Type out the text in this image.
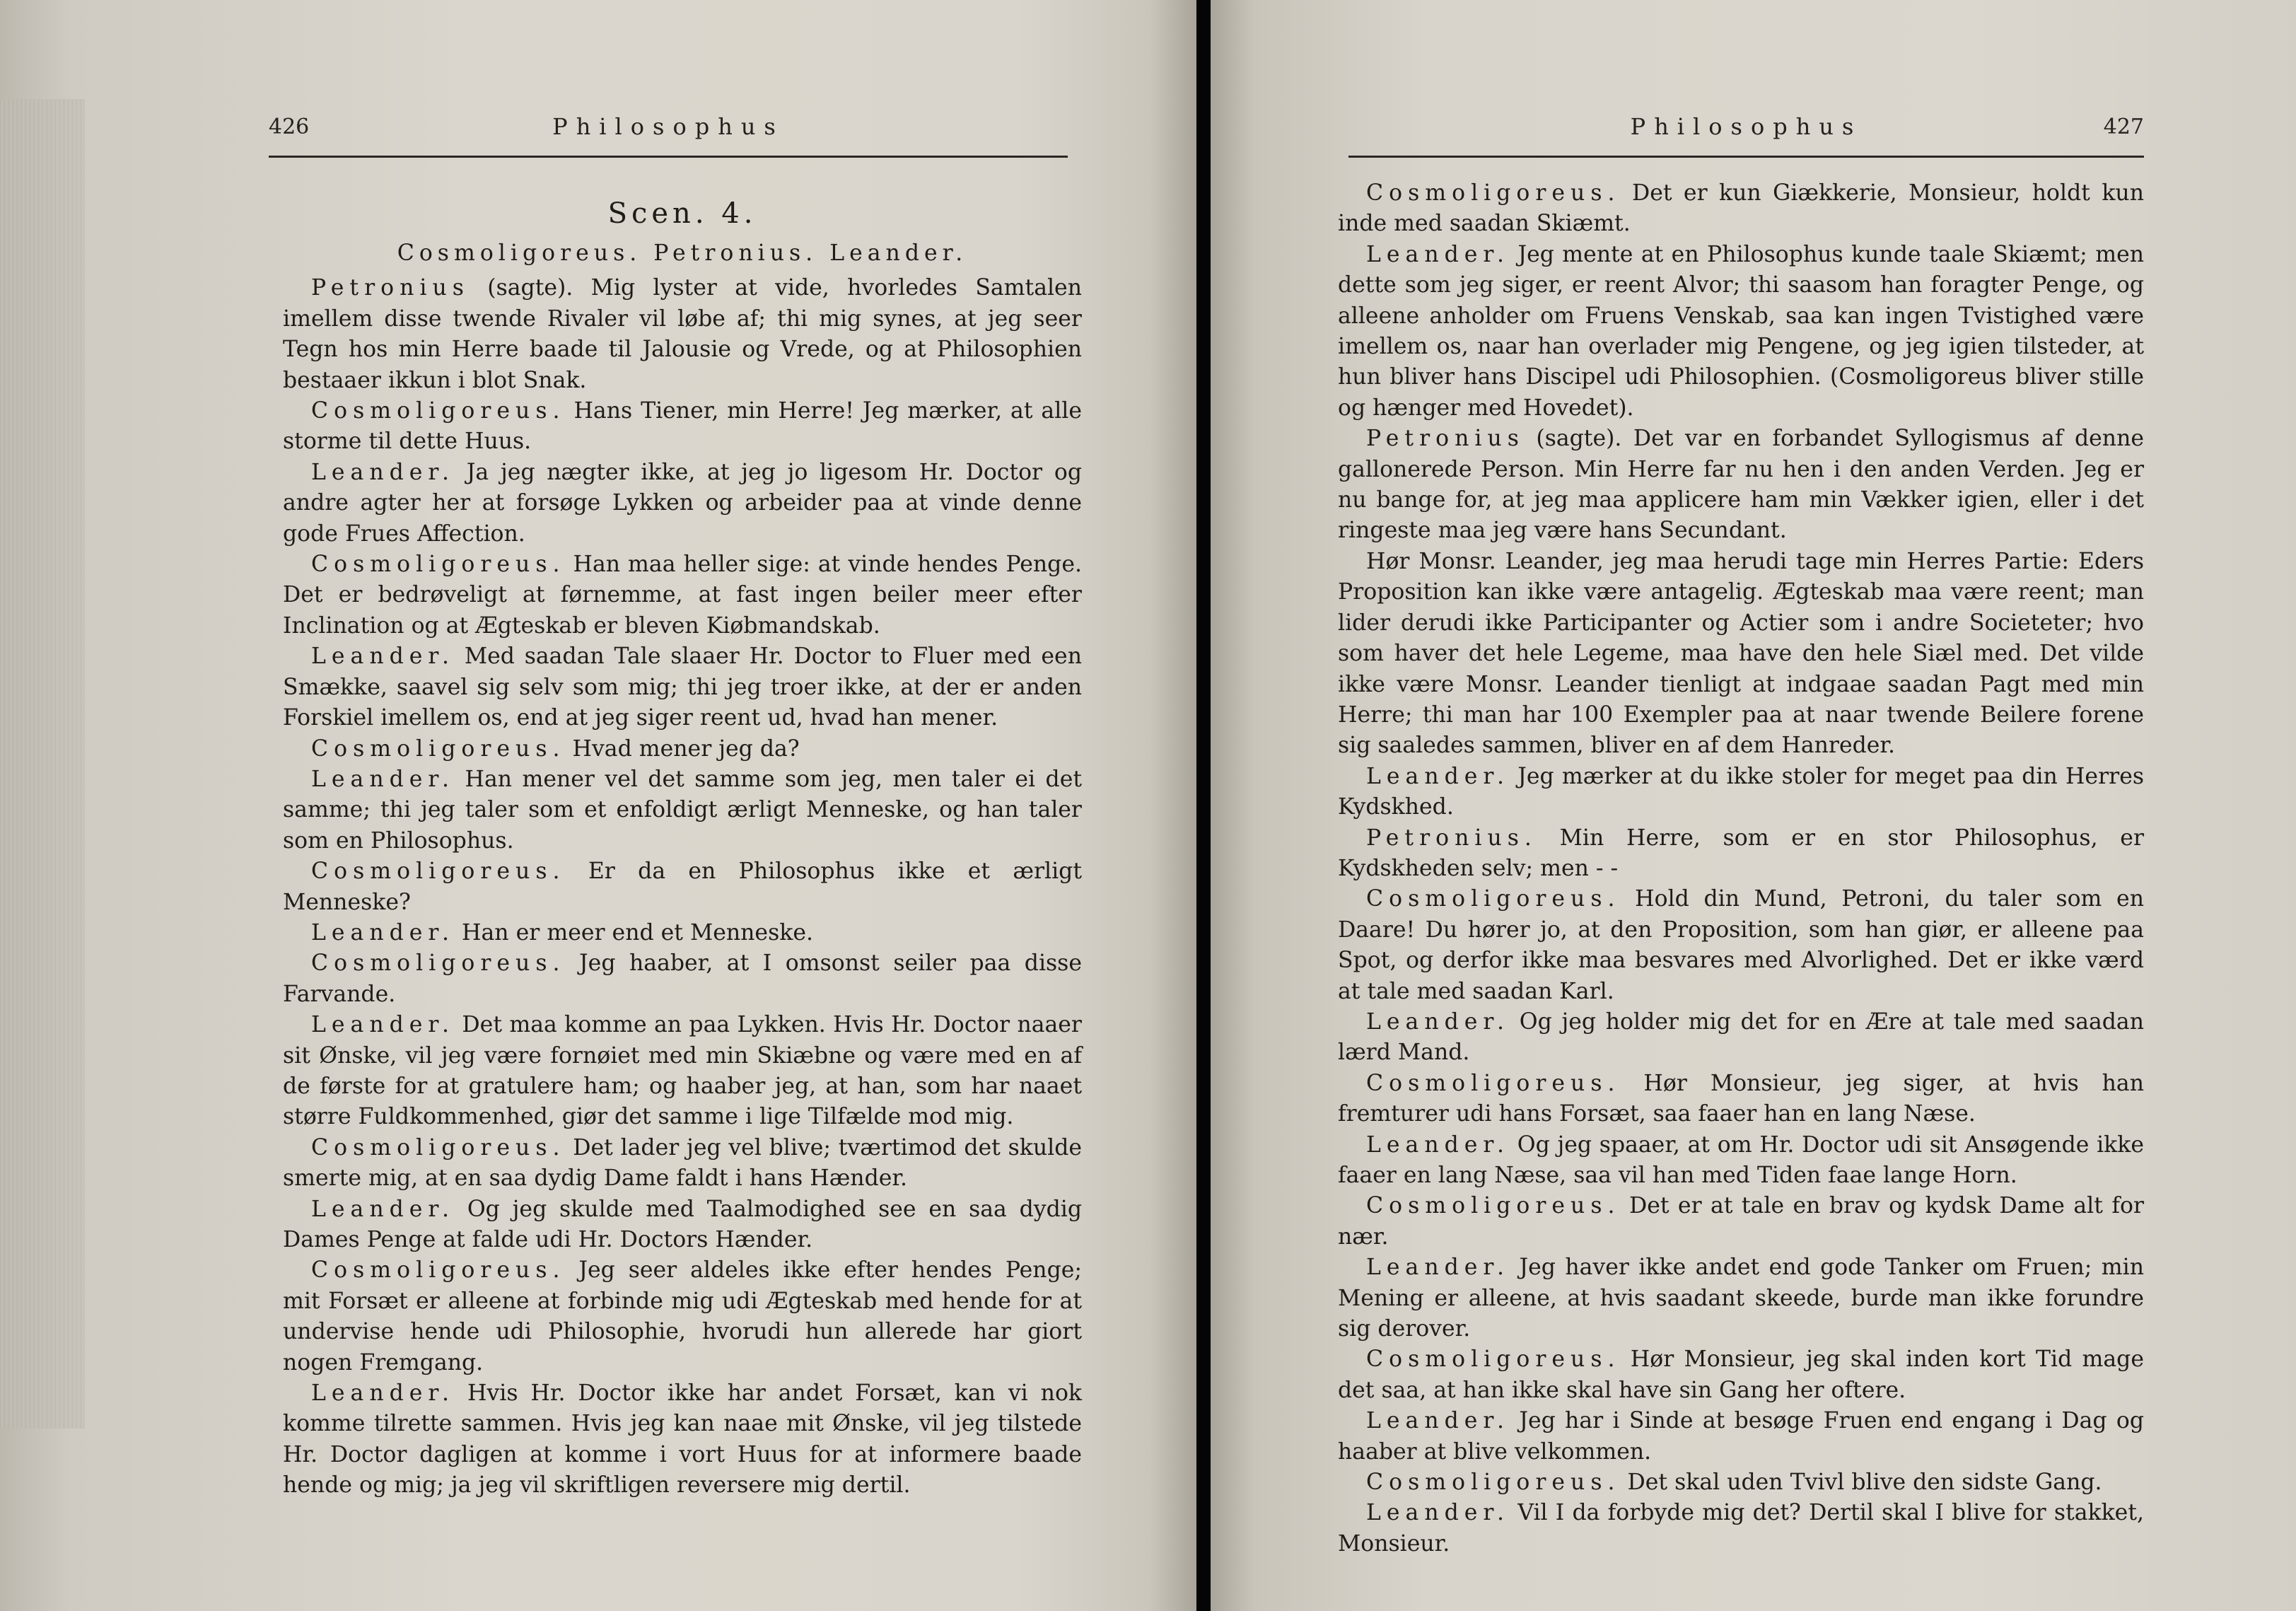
426	Philosophus
Scen. 4.
Cosmoligoreus. Petronius. Leander.
Petronius (sagte). Mig lyster at vide, hvorledes Samtalen imellem disse twende Rivaler vil løbe af; thi mig synes, at jeg seer Tegn hos min Herre baade til Jalousie og Vrede, og at Philosophien bestaaer ikkun i blot Snak.
Cosmoligoreus. Hans Tiener, min Herre! Jeg mærker, at alle storme til dette Huus.
Leander. Ja jeg nægter ikke, at jeg jo ligesom Hr. Doctor og andre agter her at forsøge Lykken og arbeider paa at vinde denne gode Frues Affection.
Cosmoligoreus. Han maa heller sige: at vinde hendes Penge. Det er bedrøveligt at førnemme, at fast ingen beiler meer efter Inclination og at Ægteskab er bleven Kiøbmandskab.
Leander. Med saadan Tale slaaer Hr. Doctor to Fluer med een Smække, saavel sig selv som mig; thi jeg troer ikke, at der er anden Forskiel imellem os, end at jeg siger reent ud, hvad han mener.
Cosmoligoreus. Hvad mener jeg da?
Leander. Han mener vel det samme som jeg, men taler ei det samme; thi jeg taler som et enfoldigt ærligt Menneske, og han taler som en Philosophus.
Cosmoligoreus. Er da en Philosophus ikke et ærligt Menneske?
Leander. Han er meer end et Menneske.
Cosmoligoreus. Jeg haaber, at I omsonst seiler paa disse Farvande.
Leander. Det maa komme an paa Lykken. Hvis Hr. Doctor naaer sit Ønske, vil jeg være fornøiet med min Skiæbne og være med en af de første for at gratulere ham; og haaber jeg, at han, som har naaet større Fuldkommenhed, giør det samme i lige Tilfælde mod mig.
Cosmoligoreus. Det lader jeg vel blive; tværtimod det skulde smerte mig, at en saa dydig Dame faldt i hans Hænder.
Leander. Og jeg skulde med Taalmodighed see en saa dydig Dames Penge at falde udi Hr. Doctors Hænder.
Cosmoligoreus. Jeg seer aldeles ikke efter hendes Penge; mit Forsæt er alleene at forbinde mig udi Ægteskab med hende for at undervise hende udi Philosophie, hvorudi hun allerede har giort nogen Fremgang.
Leander. Hvis Hr. Doctor ikke har andet Forsæt, kan vi nok komme tilrette sammen. Hvis jeg kan naae mit Ønske, vil jeg tilstede Hr. Doctor dagligen at komme i vort Huus for at informere baade hende og mig; ja jeg vil skriftligen reversere mig dertil.
Philosophus	427
Cosmoligoreus. Det er kun Giækkerie, Monsieur, holdt kun inde med saadan Skiæmt.
Leander. Jeg mente at en Philosophus kunde taale Skiæmt; men dette som jeg siger, er reent Alvor; thi saasom han foragter Penge, og alleene anholder om Fruens Venskab, saa kan ingen Tvistighed være imellem os, naar han overlader mig Pengene, og jeg igien tilsteder, at hun bliver hans Discipel udi Philosophien. (Cosmoligoreus bliver stille og hænger med Hovedet).
Petronius (sagte). Det var en forbandet Syllogismus af denne gallonerede Person. Min Herre far nu hen i den anden Verden. Jeg er nu bange for, at jeg maa applicere ham min Vækker igien, eller i det ringeste maa jeg være hans Secundant.
Hør Monsr. Leander, jeg maa herudi tage min Herres Partie: Eders Proposition kan ikke være antagelig. Ægteskab maa være reent; man lider derudi ikke Participanter og Actier som i andre Societeter; hvo som haver det hele Legeme, maa have den hele Siæl med. Det vilde ikke være Monsr. Leander tienligt at indgaae saadan Pagt med min Herre; thi man har 100 Exempler paa at naar twende Beilere forene sig saaledes sammen, bliver en af dem Hanreder.
Leander. Jeg mærker at du ikke stoler for meget paa din Herres Kydskhed.
Petronius. Min Herre, som er en stor Philosophus, er Kydskheden selv; men - -
Cosmoligoreus. Hold din Mund, Petroni, du taler som en Daare! Du hører jo, at den Proposition, som han giør, er alleene paa Spot, og derfor ikke maa besvares med Alvorlighed. Det er ikke værd at tale med saadan Karl.
Leander. Og jeg holder mig det for en Ære at tale med saadan lærd Mand.
Cosmoligoreus. Hør Monsieur, jeg siger, at hvis han fremturer udi hans Forsæt, saa faaer han en lang Næse.
Leander. Og jeg spaaer, at om Hr. Doctor udi sit Ansøgende ikke faaer en lang Næse, saa vil han med Tiden faae lange Horn.
Cosmoligoreus. Det er at tale en brav og kydsk Dame alt for nær.
Leander. Jeg haver ikke andet end gode Tanker om Fruen; min Mening er alleene, at hvis saadant skeede, burde man ikke forundre sig derover.
Cosmoligoreus. Hør Monsieur, jeg skal inden kort Tid mage det saa, at han ikke skal have sin Gang her oftere.
Leander. Jeg har i Sinde at besøge Fruen end engang i Dag og haaber at blive velkommen.
Cosmoligoreus. Det skal uden Tvivl blive den sidste Gang.
Leander. Vil I da forbyde mig det? Dertil skal I blive for stakket, Monsieur.
